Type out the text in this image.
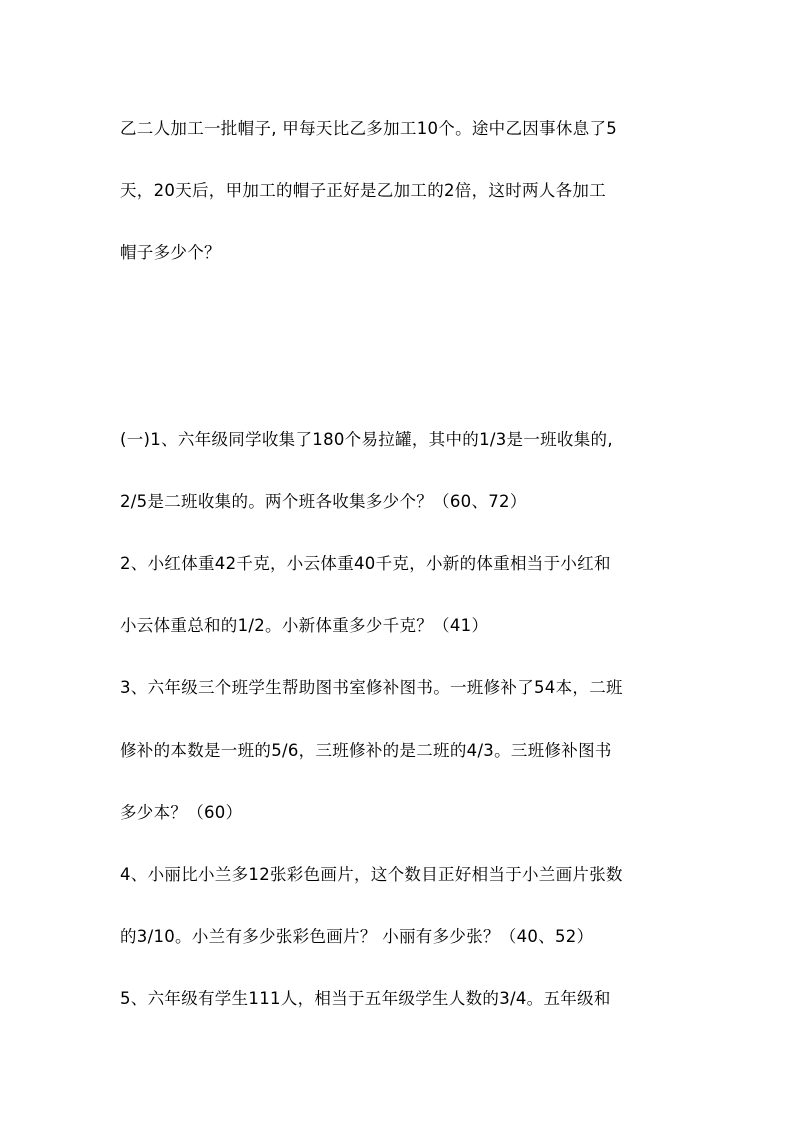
乙二人加工一批帽子, 甲每天比乙多加工10个。途中乙因事休息了5
天，20天后，甲加工的帽子正好是乙加工的2倍，这时两人各加工
帽子多少个？
(一)1、六年级同学收集了180个易拉罐，其中的1/3是一班收集的,
2/5是二班收集的。两个班各收集多少个？（60、72）
2、小红体重42千克，小云体重40千克，小新的体重相当于小红和
小云体重总和的1/2。小新体重多少千克？（41）
3、六年级三个班学生帮助图书室修补图书。一班修补了54本，二班
修补的本数是一班的5/6，三班修补的是二班的4/3。三班修补图书
多少本？（60）
4、小丽比小兰多12张彩色画片，这个数目正好相当于小兰画片张数
的3/10。小兰有多少张彩色画片？ 小丽有多少张？（40、52）
5、六年级有学生111人，相当于五年级学生人数的3/4。五年级和
